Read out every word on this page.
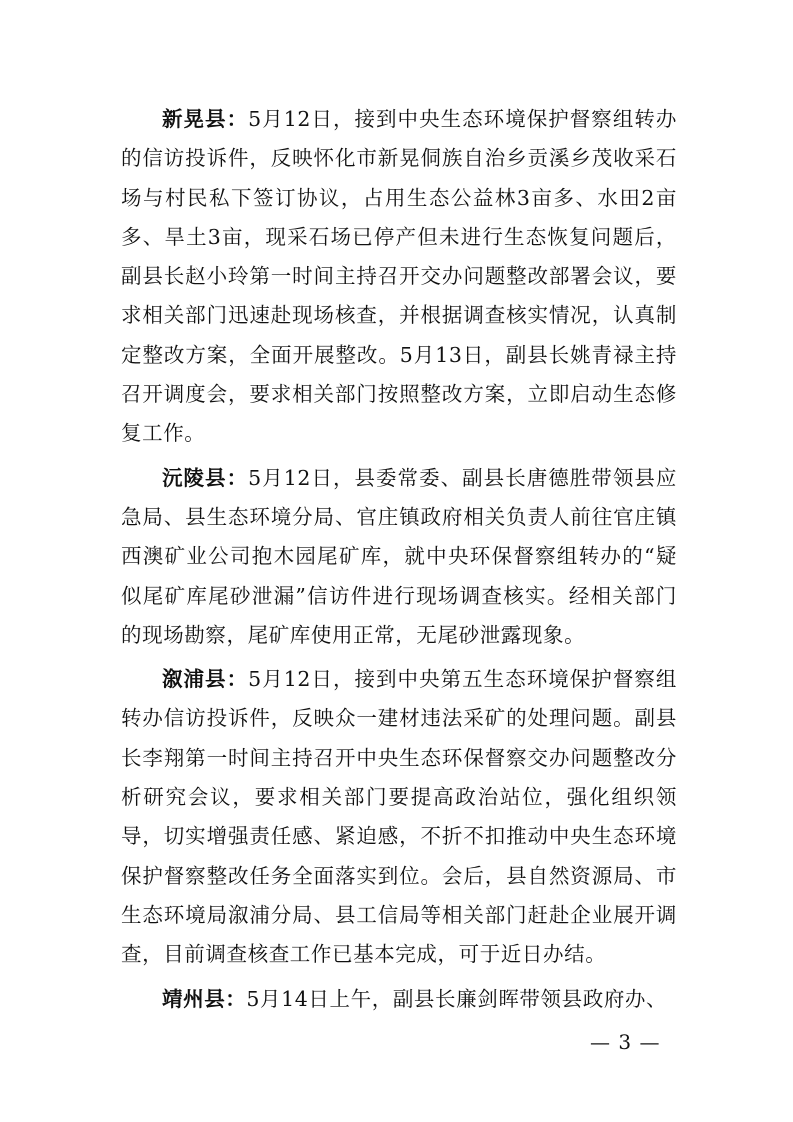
新晃县：5月12日，接到中央生态环境保护督察组转办的信访投诉件，反映怀化市新晃侗族自治乡贡溪乡茂收采石场与村民私下签订协议，占用生态公益林3亩多、水田2亩多、旱土3亩，现采石场已停产但未进行生态恢复问题后，副县长赵小玲第一时间主持召开交办问题整改部署会议，要求相关部门迅速赴现场核查，并根据调查核实情况，认真制定整改方案，全面开展整改。5月13日，副县长姚青禄主持召开调度会，要求相关部门按照整改方案，立即启动生态修复工作。

沅陵县：5月12日，县委常委、副县长唐德胜带领县应急局、县生态环境分局、官庄镇政府相关负责人前往官庄镇西澳矿业公司抱木园尾矿库，就中央环保督察组转办的“疑似尾矿库尾砂泄漏”信访件进行现场调查核实。经相关部门的现场勘察，尾矿库使用正常，无尾砂泄露现象。

溆浦县：5月12日，接到中央第五生态环境保护督察组转办信访投诉件，反映众一建材违法采矿的处理问题。副县长李翔第一时间主持召开中央生态环保督察交办问题整改分析研究会议，要求相关部门要提高政治站位，强化组织领导，切实增强责任感、紧迫感，不折不扣推动中央生态环境保护督察整改任务全面落实到位。会后，县自然资源局、市生态环境局溆浦分局、县工信局等相关部门赶赴企业展开调查，目前调查核查工作已基本完成，可于近日办结。

靖州县：5月14日上午，副县长廉剑晖带领县政府办、

— 3 —
